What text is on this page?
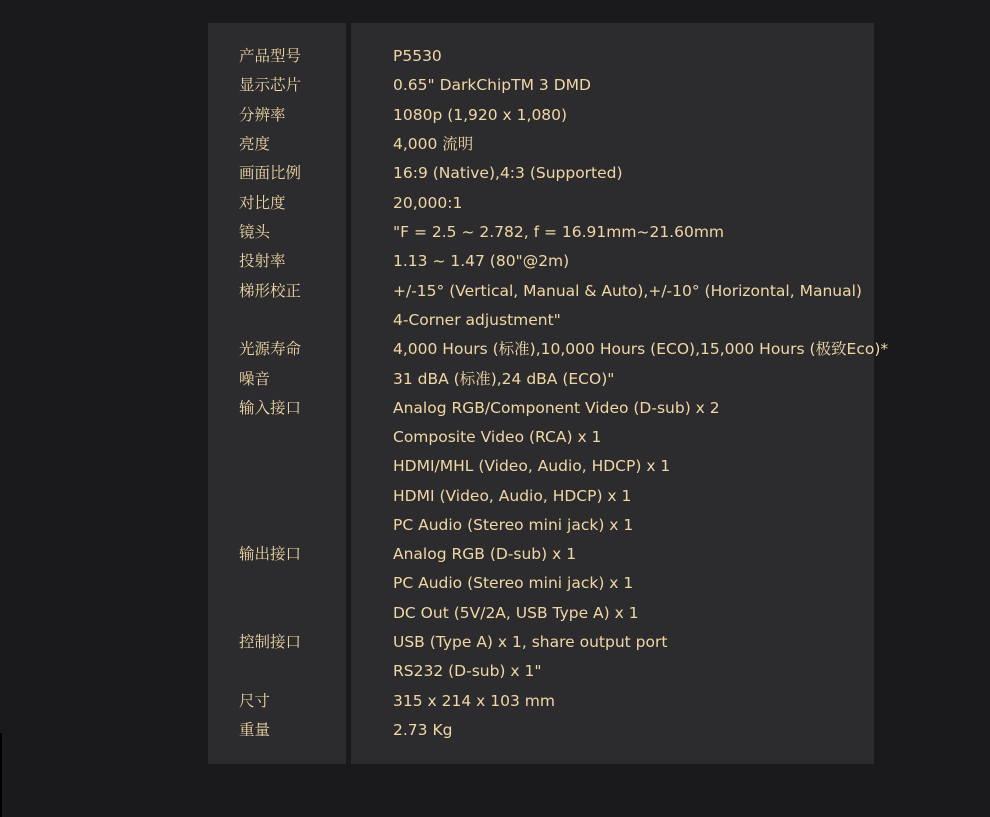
产品型号
显示芯片
分辨率
亮度
画面比例
对比度
镜头
投射率
梯形校正
光源寿命
噪音
输入接口
输出接口
控制接口
尺寸
重量
P5530
0.65" DarkChipTM 3 DMD
1080p (1,920 x 1,080)
4,000 流明
16:9 (Native),4:3 (Supported)
20,000:1
"F = 2.5 ~ 2.782, f = 16.91mm~21.60mm
1.13 ~ 1.47 (80"@2m)
+/-15° (Vertical, Manual & Auto),+/-10° (Horizontal, Manual)
4-Corner adjustment"
4,000 Hours (标准),10,000 Hours (ECO),15,000 Hours (极致Eco)*
31 dBA (标准),24 dBA (ECO)"
Analog RGB/Component Video (D-sub) x 2
Composite Video (RCA) x 1
HDMI/MHL (Video, Audio, HDCP) x 1
HDMI (Video, Audio, HDCP) x 1
PC Audio (Stereo mini jack) x 1
Analog RGB (D-sub) x 1
PC Audio (Stereo mini jack) x 1
DC Out (5V/2A, USB Type A) x 1
USB (Type A) x 1, share output port
RS232 (D-sub) x 1"
315 x 214 x 103 mm
2.73 Kg
